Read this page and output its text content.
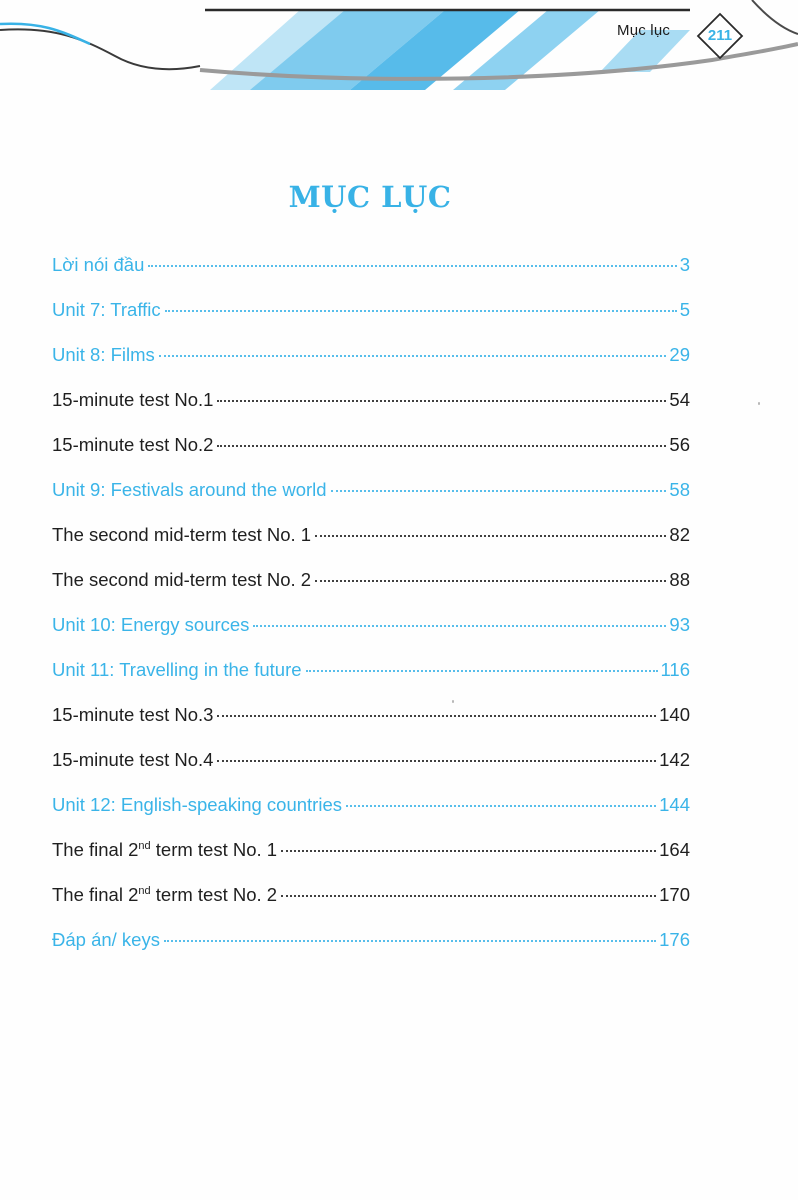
Mục lục	211
MỤC LỤC
Lời nói đầu	3
Unit 7: Traffic	5
Unit 8: Films	29
15-minute test No.1	54
15-minute test No.2	56
Unit 9: Festivals around the world	58
The second mid-term test No. 1	82
The second mid-term test No. 2	88
Unit 10: Energy sources	93
Unit 11: Travelling in the future	116
15-minute test No.3	140
15-minute test No.4	142
Unit 12: English-speaking countries	144
The final 2nd term test No. 1	164
The final 2nd term test No. 2	170
Đáp án/ keys	176
